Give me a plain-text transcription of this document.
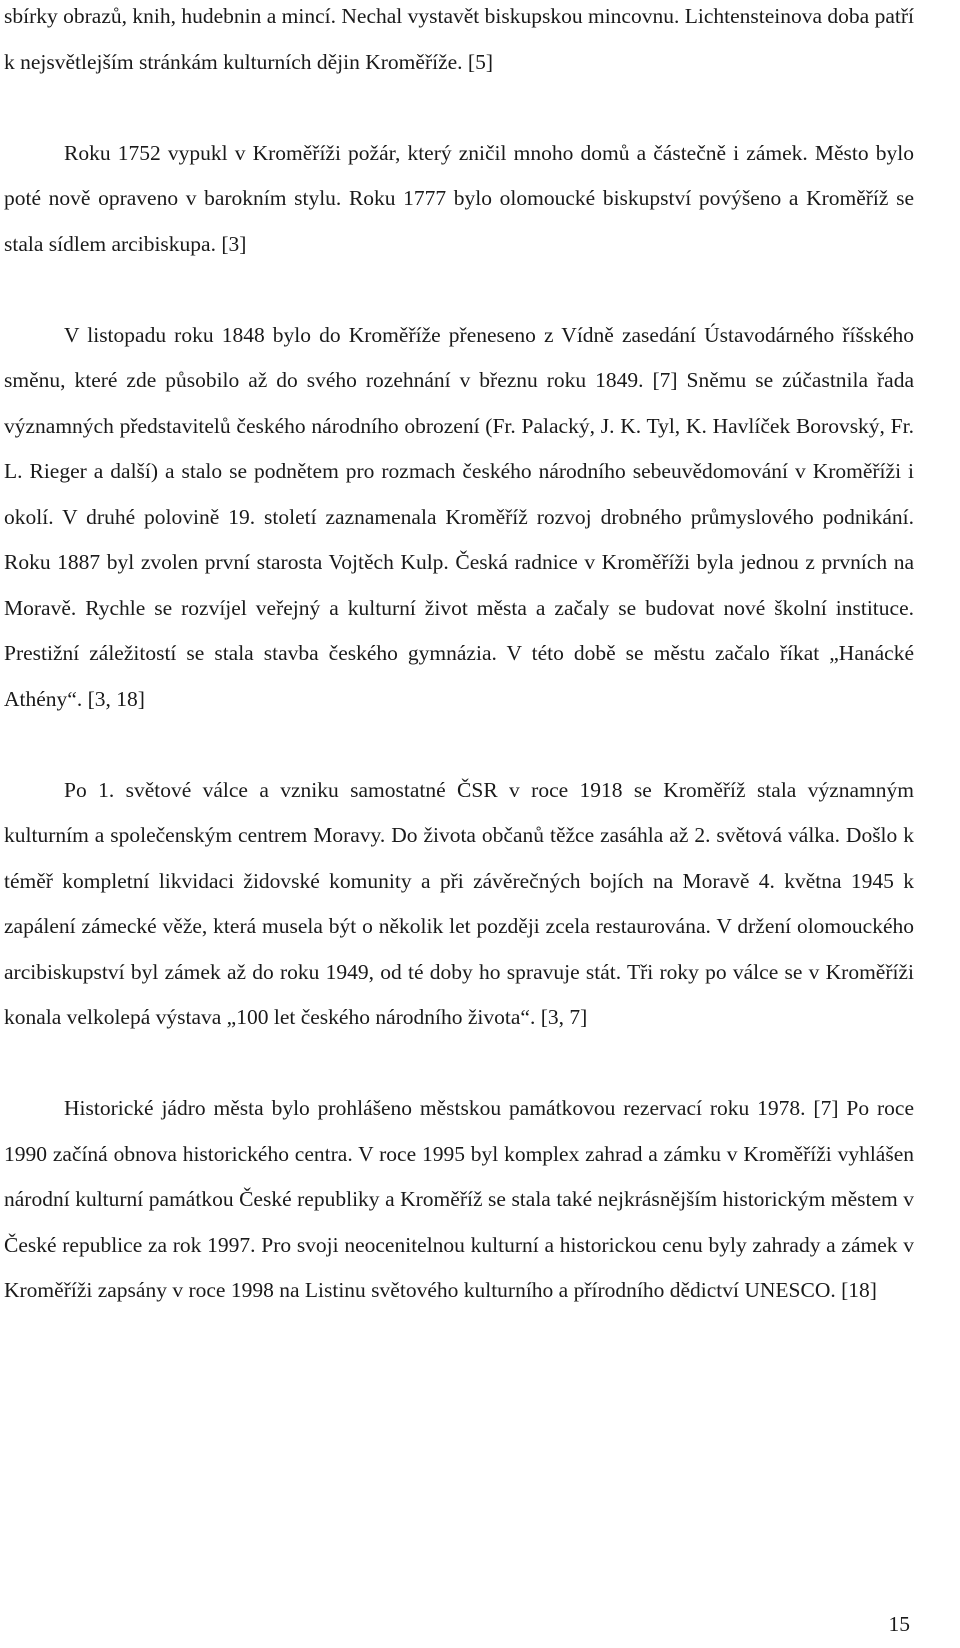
sbírky obrazů, knih, hudebnin a mincí. Nechal vystavět biskupskou mincovnu. Lichtensteinova doba patří k nejsvětlejším stránkám kulturních dějin Kroměříže. [5]

Roku 1752 vypukl v Kroměříži požár, který zničil mnoho domů a částečně i zámek. Město bylo poté nově opraveno v barokním stylu. Roku 1777 bylo olomoucké biskupství povýšeno a Kroměříž se stala sídlem arcibiskupa. [3]

V listopadu roku 1848 bylo do Kroměříže přeneseno z Vídně zasedání Ústavodárného říšského směnu, které zde působilo až do svého rozehnání v březnu roku 1849. [7] Sněmu se zúčastnila řada významných představitelů českého národního obrození (Fr. Palacký, J. K. Tyl, K. Havlíček Borovský, Fr. L. Rieger a další) a stalo se podnětem pro rozmach českého národního sebeuvědomování v Kroměříži i okolí. V druhé polovině 19. století zaznamenala Kroměříž rozvoj drobného průmyslového podnikání. Roku 1887 byl zvolen první starosta Vojtěch Kulp. Česká radnice v Kroměříži byla jednou z prvních na Moravě. Rychle se rozvíjel veřejný a kulturní život města a začaly se budovat nové školní instituce. Prestižní záležitostí se stala stavba českého gymnázia. V této době se městu začalo říkat „Hanácké Athény“. [3, 18]

Po 1. světové válce a vzniku samostatné ČSR v roce 1918 se Kroměříž stala významným kulturním a společenským centrem Moravy. Do života občanů těžce zasáhla až 2. světová válka. Došlo k téměř kompletní likvidaci židovské komunity a při závěrečných bojích na Moravě 4. května 1945 k zapálení zámecké věže, která musela být o několik let později zcela restaurována. V držení olomouckého arcibiskupství byl zámek až do roku 1949, od té doby ho spravuje stát. Tři roky po válce se v Kroměříži konala velkolepá výstava „100 let českého národního života“. [3, 7]

Historické jádro města bylo prohlášeno městskou památkovou rezervací roku 1978. [7] Po roce 1990 začíná obnova historického centra. V roce 1995 byl komplex zahrad a zámku v Kroměříži vyhlášen národní kulturní památkou České republiky a Kroměříž se stala také nejkrásnějším historickým městem v České republice za rok 1997. Pro svoji neocenitelnou kulturní a historickou cenu byly zahrady a zámek v Kroměříži zapsány v roce 1998 na Listinu světového kulturního a přírodního dědictví UNESCO. [18]

15
